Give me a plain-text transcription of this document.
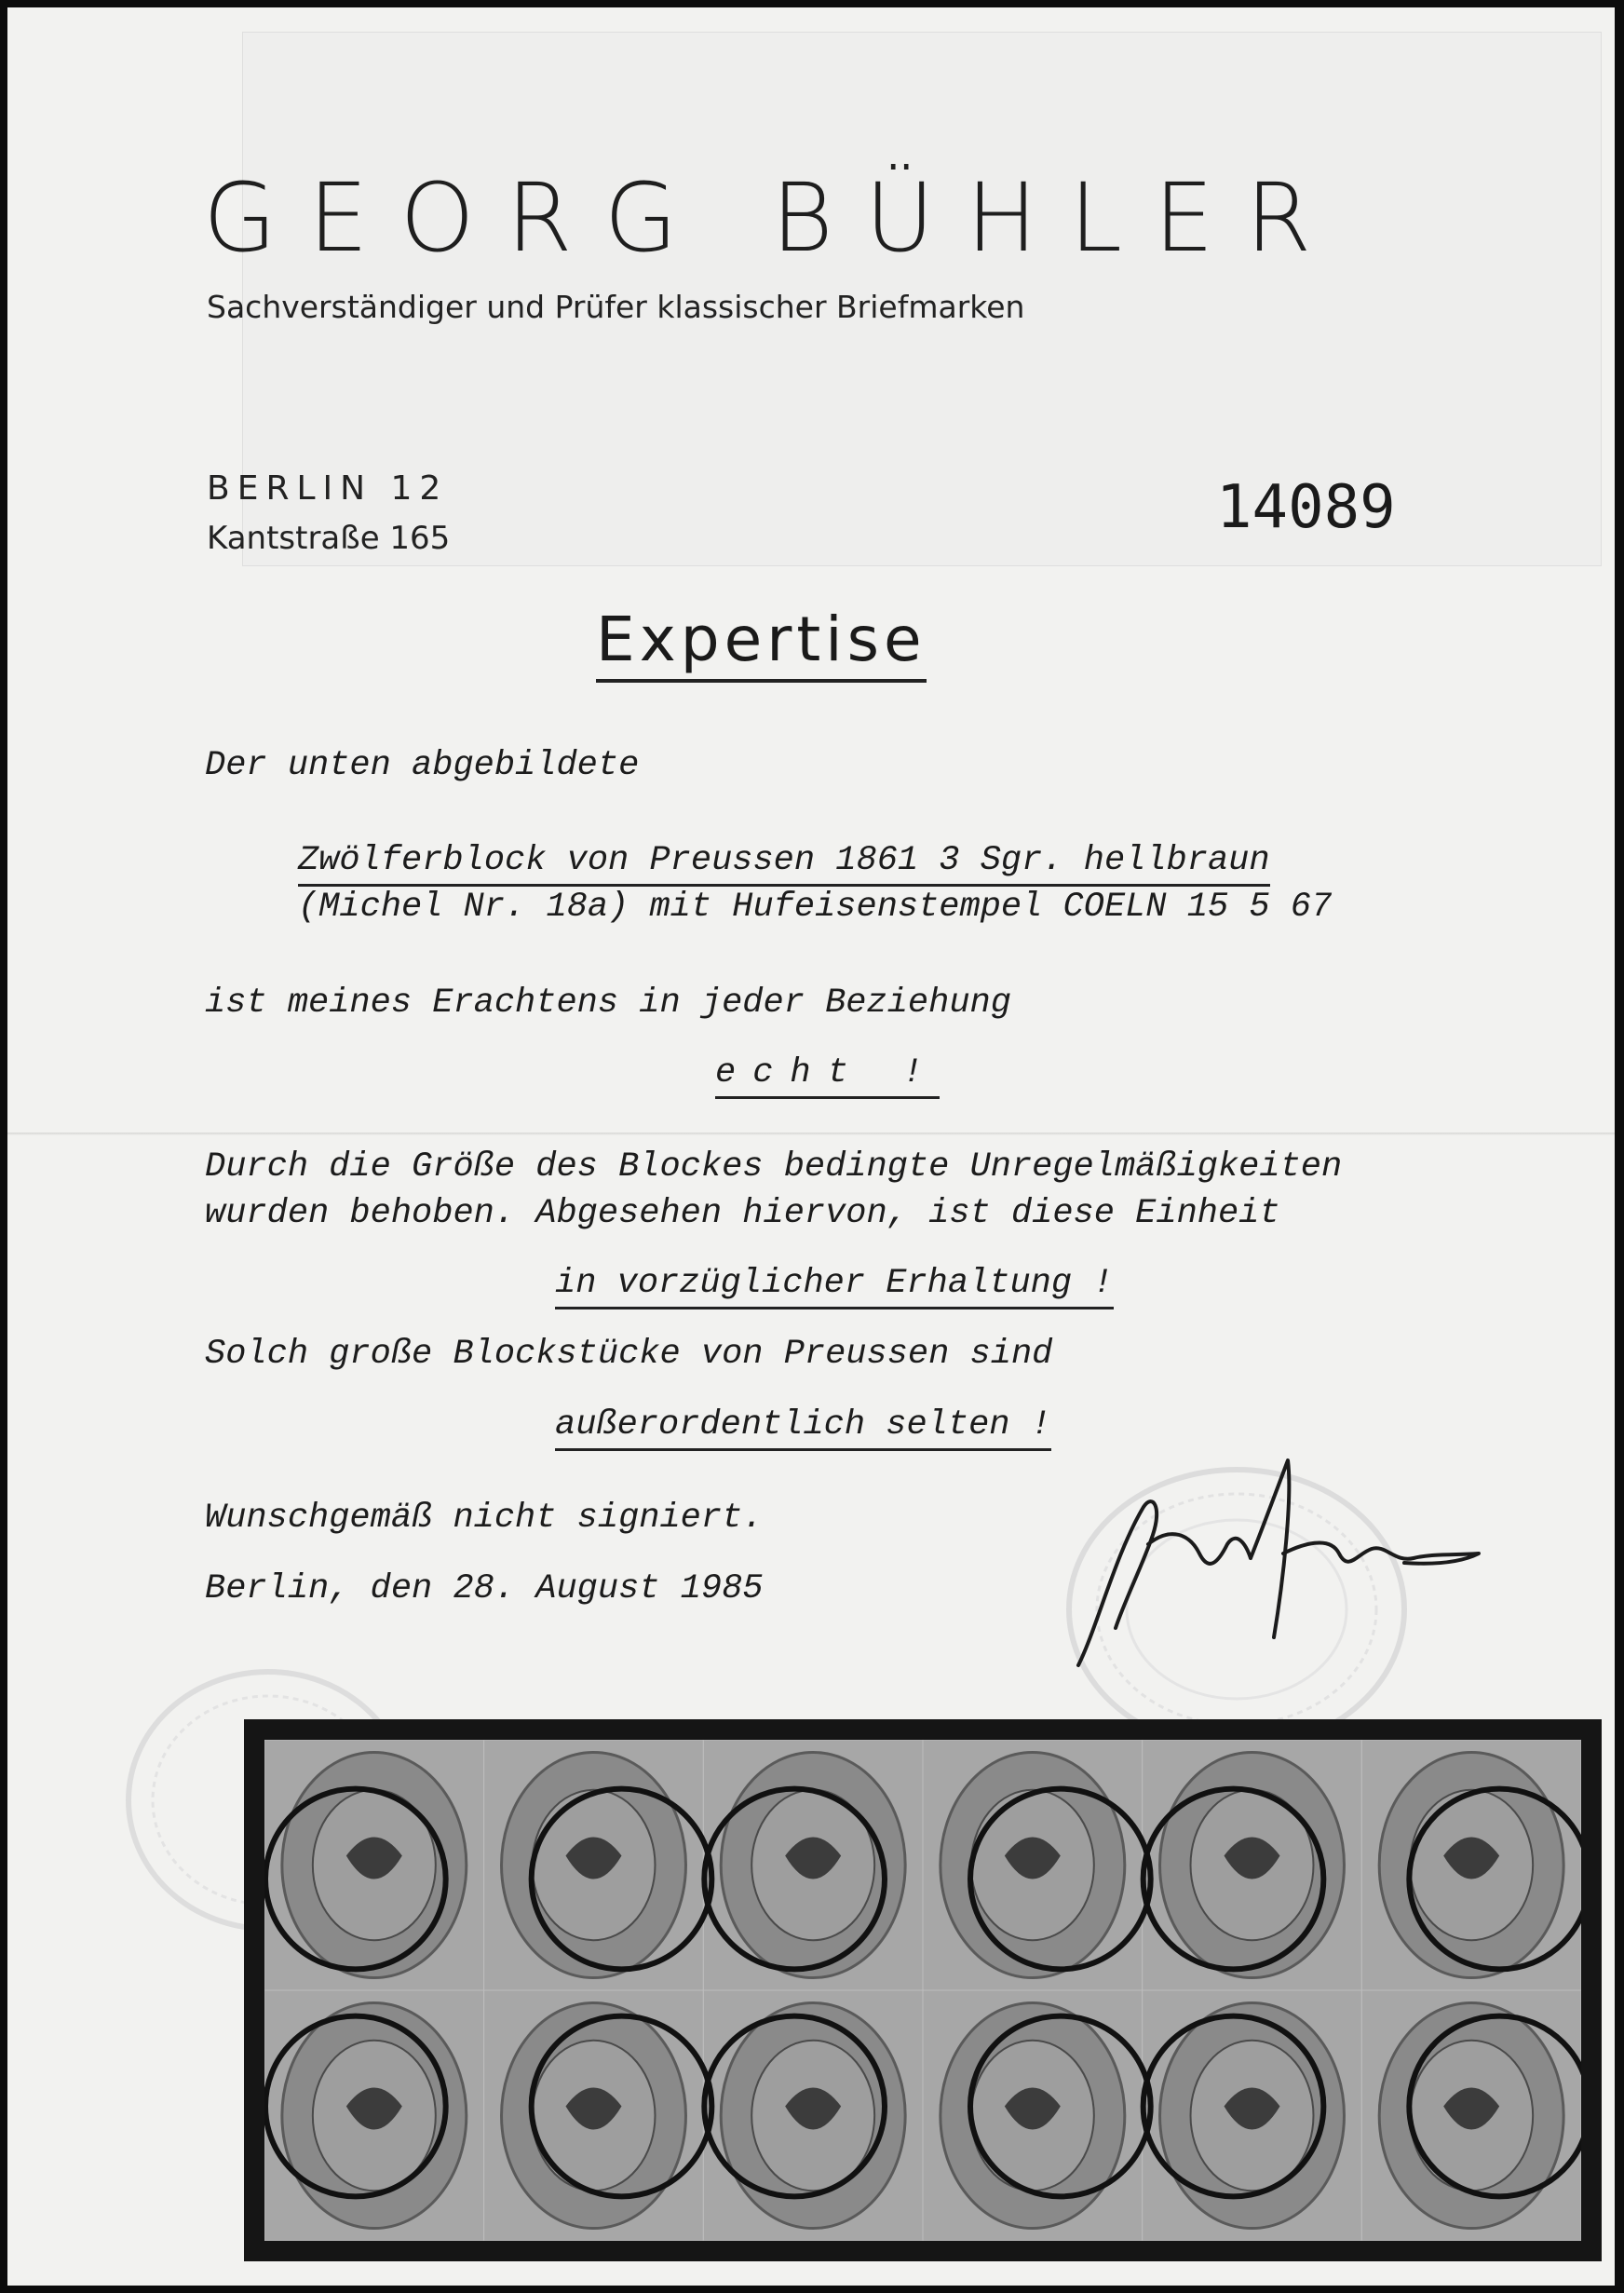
GEORG BÜHLER
Sachverständiger und Prüfer klassischer Briefmarken
BERLIN 12
Kantstraße 165	14089
Expertise
Der unten abgebildete
Zwölferblock von Preussen 1861 3 Sgr. hellbraun
(Michel Nr. 18a) mit Hufeisenstempel COELN 15 5 67
ist meines Erachtens in jeder Beziehung
echt !
Durch die Größe des Blockes bedingte Unregelmäßigkeiten
wurden behoben. Abgesehen hiervon, ist diese Einheit
in vorzüglicher Erhaltung !
Solch große Blockstücke von Preussen sind
außerordentlich selten !
Wunschgemäß nicht signiert.
Berlin, den 28. August 1985
